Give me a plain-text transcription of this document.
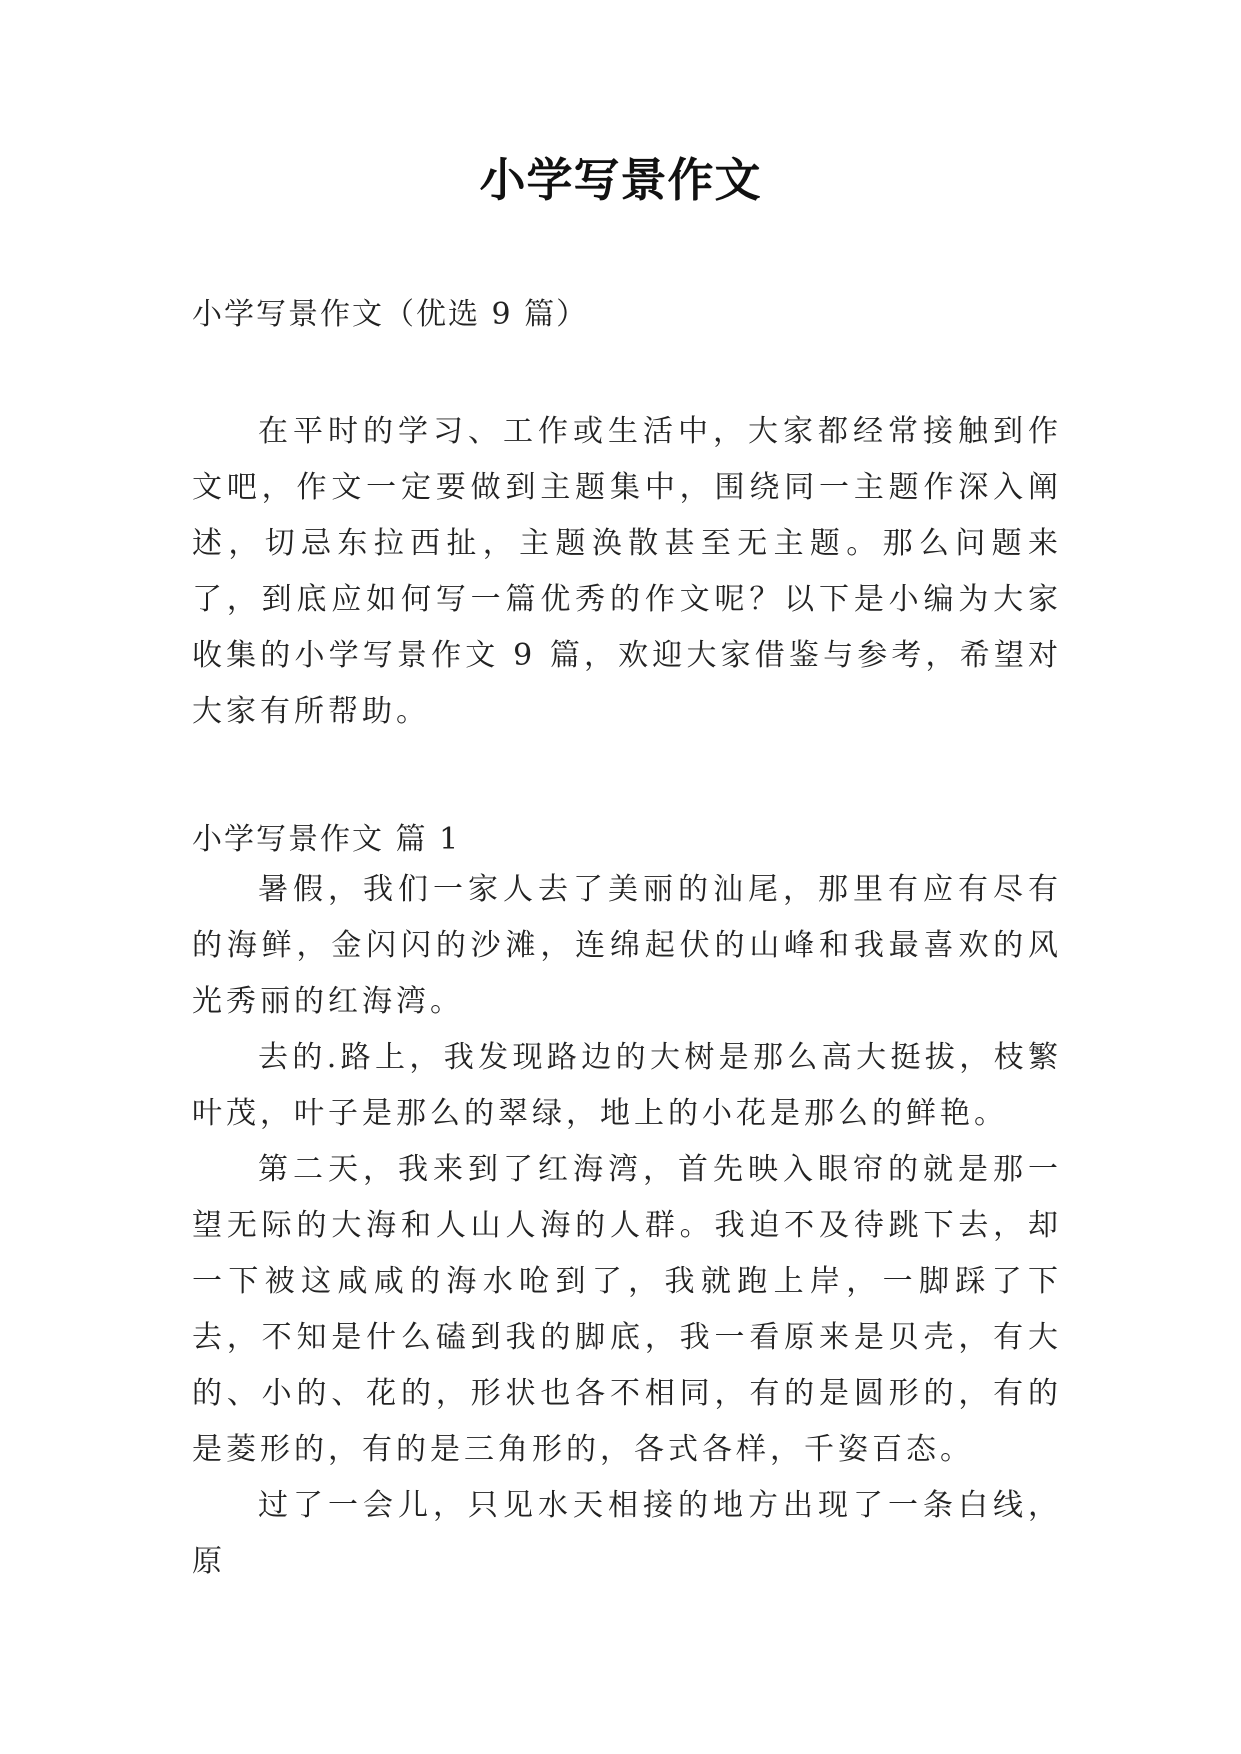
小学写景作文
小学写景作文（优选 9 篇）

在平时的学习、工作或生活中，大家都经常接触到作文吧，作文一定要做到主题集中，围绕同一主题作深入阐述，切忌东拉西扯，主题涣散甚至无主题。那么问题来了，到底应如何写一篇优秀的作文呢？以下是小编为大家收集的小学写景作文 9 篇，欢迎大家借鉴与参考，希望对大家有所帮助。

小学写景作文 篇 1

暑假，我们一家人去了美丽的汕尾，那里有应有尽有的海鲜，金闪闪的沙滩，连绵起伏的山峰和我最喜欢的风光秀丽的红海湾。

去的.路上，我发现路边的大树是那么高大挺拔，枝繁叶茂，叶子是那么的翠绿，地上的小花是那么的鲜艳。

第二天，我来到了红海湾，首先映入眼帘的就是那一望无际的大海和人山人海的人群。我迫不及待跳下去，却一下被这咸咸的海水呛到了，我就跑上岸，一脚踩了下去，不知是什么磕到我的脚底，我一看原来是贝壳，有大的、小的、花的，形状也各不相同，有的是圆形的，有的是菱形的，有的是三角形的，各式各样，千姿百态。

过了一会儿，只见水天相接的地方出现了一条白线，原
